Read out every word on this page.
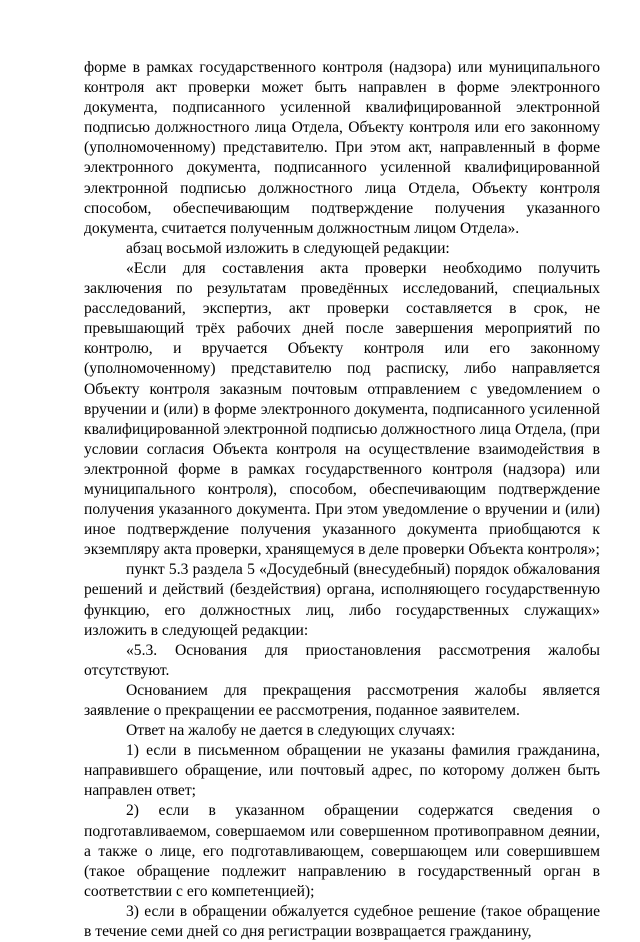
форме в рамках государственного контроля (надзора) или муниципального контроля акт проверки может быть направлен в форме электронного документа, подписанного усиленной квалифицированной электронной подписью должностного лица Отдела, Объекту контроля или его законному (уполномоченному) представителю. При этом акт, направленный в форме электронного документа, подписанного усиленной квалифицированной электронной подписью должностного лица Отдела, Объекту контроля способом, обеспечивающим подтверждение получения указанного документа, считается полученным должностным лицом Отдела».

абзац восьмой изложить в следующей редакции:

«Если для составления акта проверки необходимо получить заключения по результатам проведённых исследований, специальных расследований, экспертиз, акт проверки составляется в срок, не превышающий трёх рабочих дней после завершения мероприятий по контролю, и вручается Объекту контроля или его законному (уполномоченному) представителю под расписку, либо направляется Объекту контроля заказным почтовым отправлением с уведомлением о вручении и (или) в форме электронного документа, подписанного усиленной квалифицированной электронной подписью должностного лица Отдела, (при условии согласия Объекта контроля на осуществление взаимодействия в электронной форме в рамках государственного контроля (надзора) или муниципального контроля), способом, обеспечивающим подтверждение получения указанного документа. При этом уведомление о вручении и (или) иное подтверждение получения указанного документа приобщаются к экземпляру акта проверки, хранящемуся в деле проверки Объекта контроля»;

пункт 5.3 раздела 5 «Досудебный (внесудебный) порядок обжалования решений и действий (бездействия) органа, исполняющего государственную функцию, его должностных лиц, либо государственных служащих» изложить в следующей редакции:

«5.3. Основания для приостановления рассмотрения жалобы отсутствуют.

Основанием для прекращения рассмотрения жалобы является заявление о прекращении ее рассмотрения, поданное заявителем.

Ответ на жалобу не дается в следующих случаях:

1) если в письменном обращении не указаны фамилия гражданина, направившего обращение, или почтовый адрес, по которому должен быть направлен ответ;

2) если в указанном обращении содержатся сведения о подготавливаемом, совершаемом или совершенном противоправном деянии, а также о лице, его подготавливающем, совершающем или совершившем (такое обращение подлежит направлению в государственный орган в соответствии с его компетенцией);

3) если в обращении обжалуется судебное решение (такое обращение в течение семи дней со дня регистрации возвращается гражданину,
